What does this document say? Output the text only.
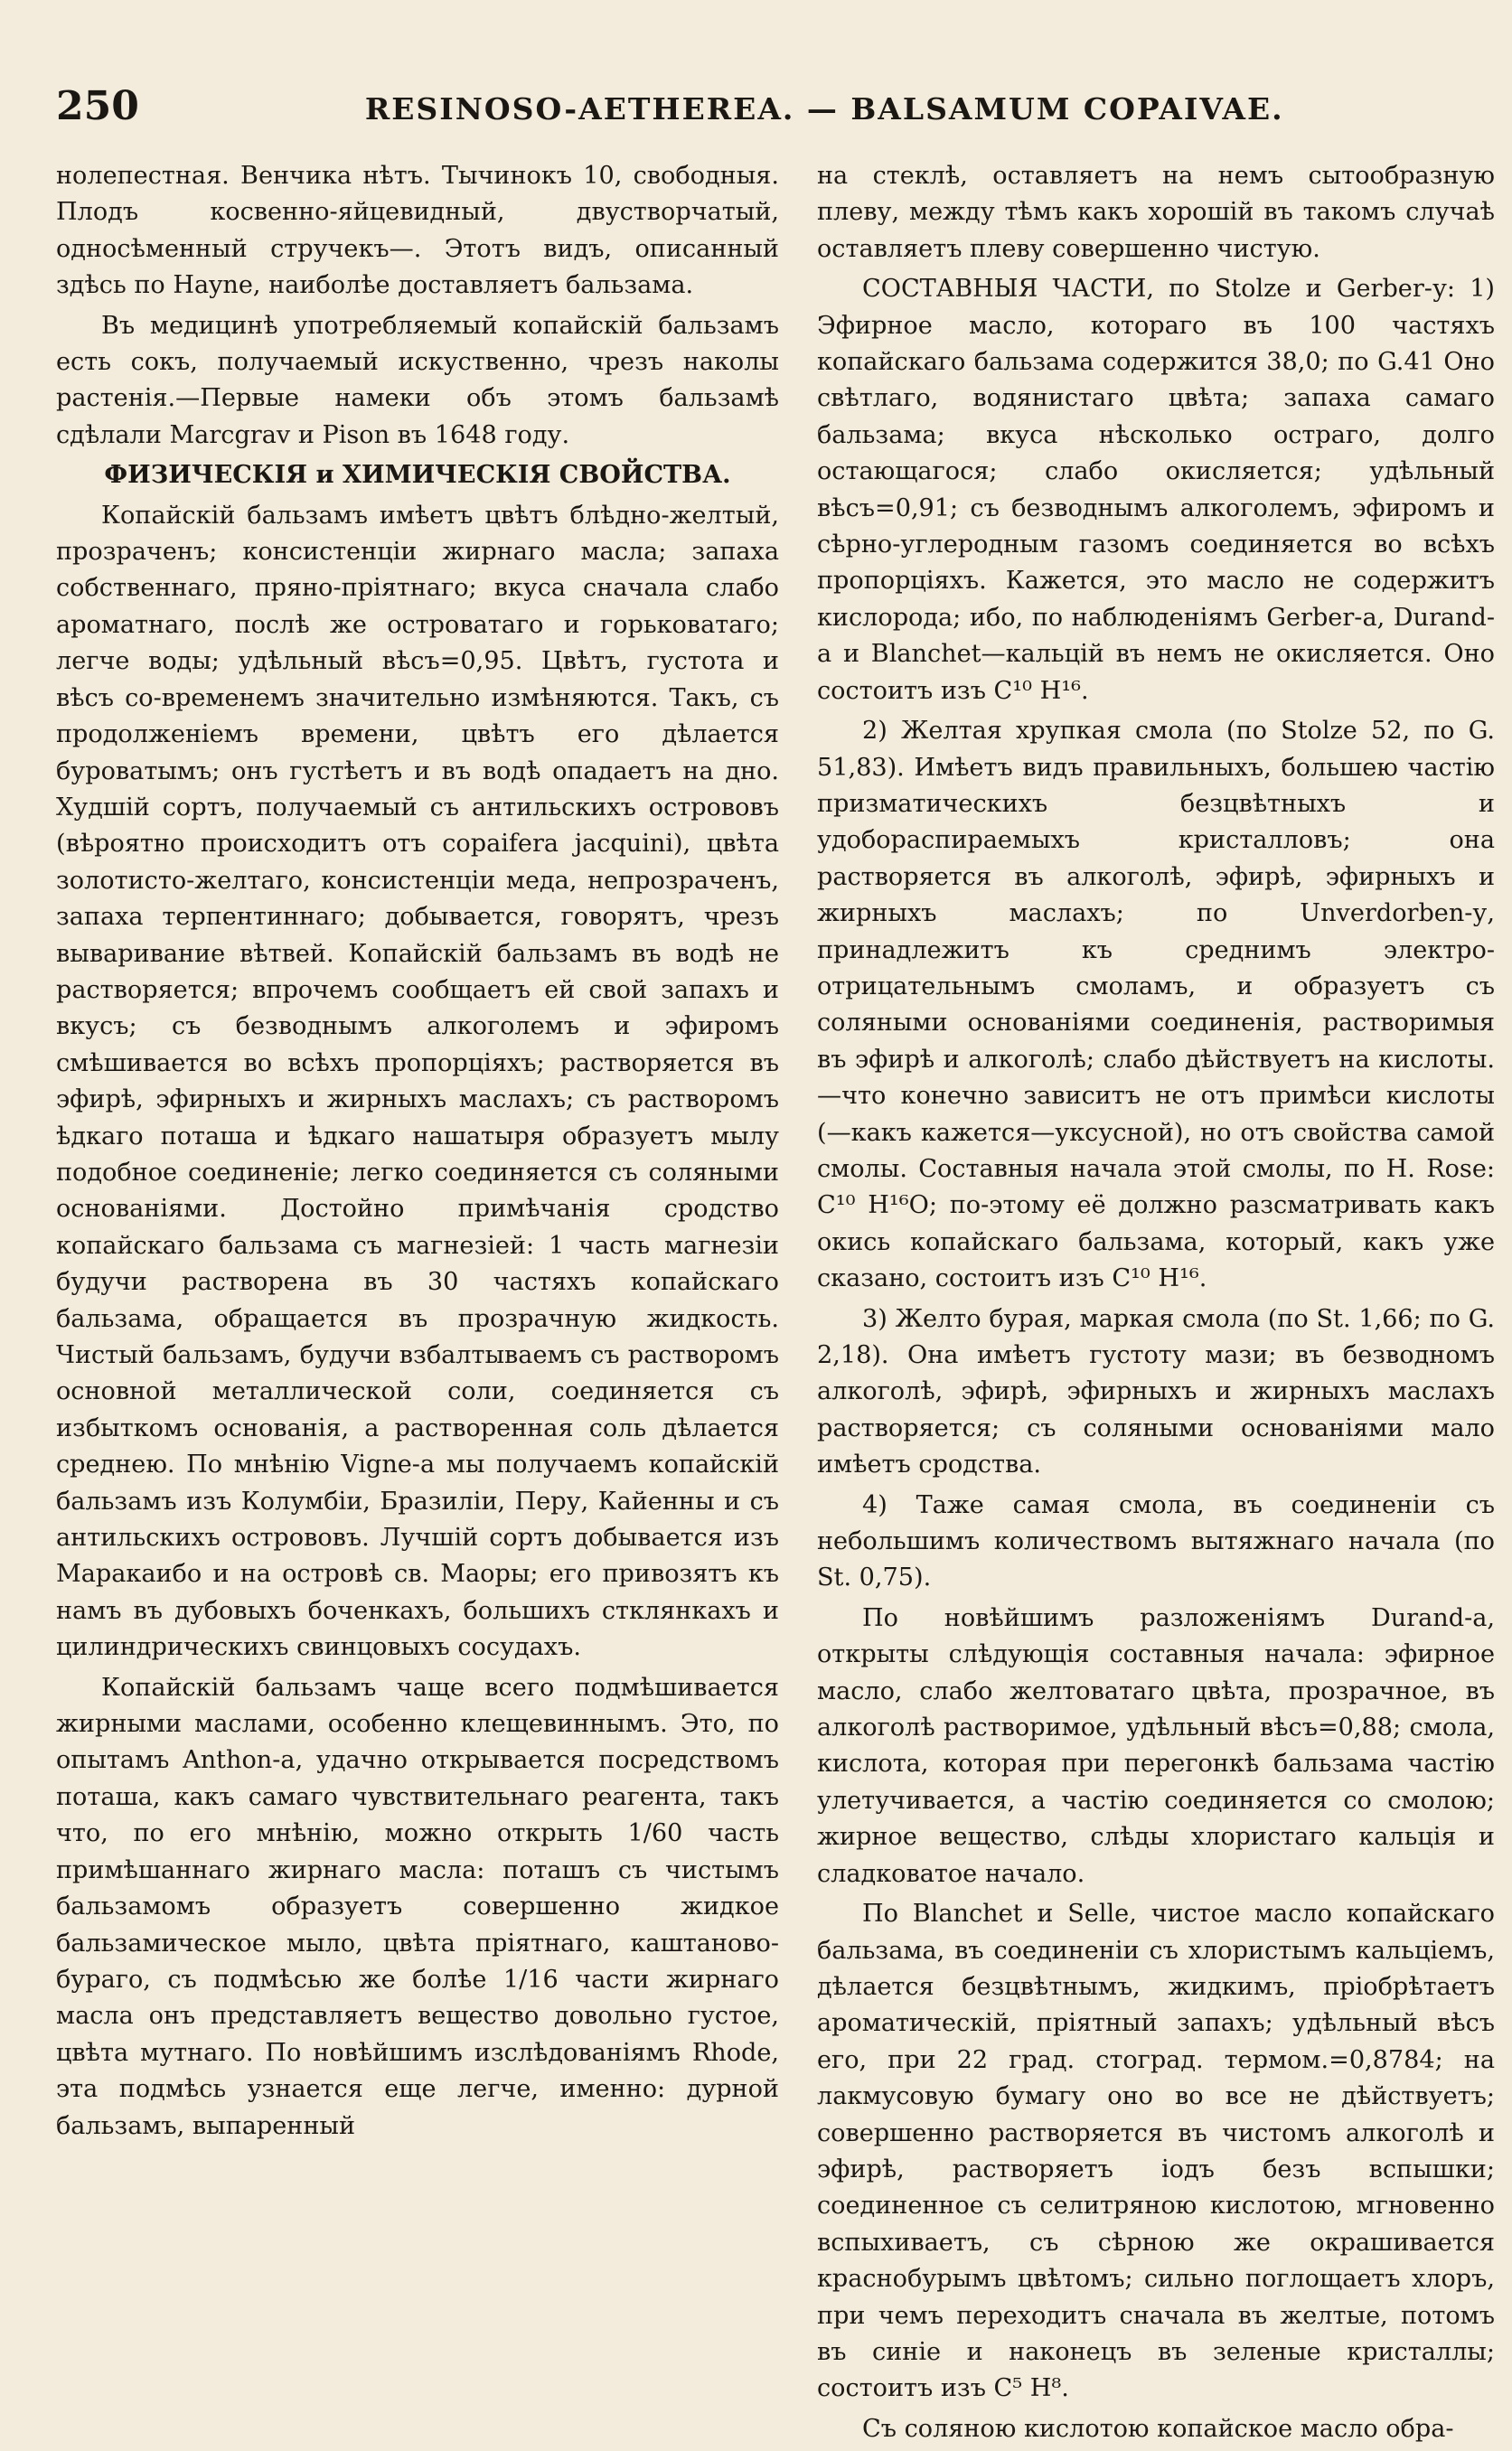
250	RESINOSO-AETHEREA. — BALSAMUM COPAIVAE.

нолепестная. Венчика нѣтъ. Тычинокъ 10, свободныя. Плодъ косвенно-яйцевидный, двустворчатый, односѣменный стручекъ—. Этотъ видъ, описанный здѣсь по Hayne, наиболѣе доставляетъ бальзама.

Въ медицинѣ употребляемый копайскій бальзамъ есть сокъ, получаемый искуственно, чрезъ наколы растенія.—Первые намеки объ этомъ бальзамѣ сдѣлали Marcgrav и Pison въ 1648 году.

ФИЗИЧЕСКІЯ и ХИМИЧЕСКІЯ СВОЙСТВА.

Копайскій бальзамъ имѣетъ цвѣтъ блѣдно-желтый, прозраченъ; консистенціи жирнаго масла; запаха собственнаго, пряно-пріятнаго; вкуса сначала слабо ароматнаго, послѣ же островатаго и горьковатаго; легче воды; удѣльный вѣсъ=0,95. Цвѣтъ, густота и вѣсъ со-временемъ значительно измѣняются. Такъ, съ продолженіемъ времени, цвѣтъ его дѣлается буроватымъ; онъ густѣетъ и въ водѣ опадаетъ на дно. Худшій сортъ, получаемый съ антильскихъ острововъ (вѣроятно происходитъ отъ copaifera jacquini), цвѣта золотисто-желтаго, консистенціи меда, непрозраченъ, запаха терпентиннаго; добывается, говорятъ, чрезъ вываривание вѣтвей. Копайскій бальзамъ въ водѣ не растворяется; впрочемъ сообщаетъ ей свой запахъ и вкусъ; съ безводнымъ алкоголемъ и эфиромъ смѣшивается во всѣхъ пропорціяхъ; растворяется въ эфирѣ, эфирныхъ и жирныхъ маслахъ; съ растворомъ ѣдкаго поташа и ѣдкаго нашатыря образуетъ мылу подобное соединеніе; легко соединяется съ соляными основаніями. Достойно примѣчанія сродство копайскаго бальзама съ магнезіей: 1 часть магнезіи будучи растворена въ 30 частяхъ копайскаго бальзама, обращается въ прозрачную жидкость. Чистый бальзамъ, будучи взбалтываемъ съ растворомъ основной металлической соли, соединяется съ избыткомъ основанія, а растворенная соль дѣлается среднею. По мнѣнію Vigne-а мы получаемъ копайскій бальзамъ изъ Колумбіи, Бразиліи, Перу, Кайенны и съ антильскихъ острововъ. Лучшій сортъ добывается изъ Маракаибо и на островѣ св. Маоры; его привозятъ къ намъ въ дубовыхъ боченкахъ, большихъ стклянкахъ и цилиндрическихъ свинцовыхъ сосудахъ.

Копайскій бальзамъ чаще всего подмѣшивается жирными маслами, особенно клещевиннымъ. Это, по опытамъ Anthon-а, удачно открывается посредствомъ поташа, какъ самаго чувствительнаго реагента, такъ что, по его мнѣнію, можно открыть 1/60 часть примѣшаннаго жирнаго масла: поташъ съ чистымъ бальзамомъ образуетъ совершенно жидкое бальзамическое мыло, цвѣта пріятнаго, каштаново-бураго, съ подмѣсью же болѣе 1/16 части жирнаго масла онъ представляетъ вещество довольно густое, цвѣта мутнаго. По новѣйшимъ изслѣдованіямъ Rhode, эта подмѣсь узнается еще легче, именно: дурной бальзамъ, выпаренный

на стеклѣ, оставляетъ на немъ сытообразную плеву, между тѣмъ какъ хорошій въ такомъ случаѣ оставляетъ плеву совершенно чистую.

СОСТАВНЫЯ ЧАСТИ, по Stolze и Gerber-у: 1) Эфирное масло, котораго въ 100 частяхъ копайскаго бальзама содержится 38,0; по G.41 Оно свѣтлаго, водянистаго цвѣта; запаха самаго бальзама; вкуса нѣсколько остраго, долго остающагося; слабо окисляется; удѣльный вѣсъ=0,91; съ безводнымъ алкоголемъ, эфиромъ и сѣрно-углеродным газомъ соединяется во всѣхъ пропорціяхъ. Кажется, это масло не содержитъ кислорода; ибо, по наблюденіямъ Gerber-а, Durand-а и Blanchet—кальцій въ немъ не окисляется. Оно состоитъ изъ C¹⁰ H¹⁶.

2) Желтая хрупкая смола (по Stolze 52, по G. 51,83). Имѣетъ видъ правильныхъ, большею частію призматическихъ безцвѣтныхъ и удобораспираемыхъ кристалловъ; она растворяется въ алкоголѣ, эфирѣ, эфирныхъ и жирныхъ маслахъ; по Unverdorben-у, принадлежитъ къ среднимъ электро-отрицательнымъ смоламъ, и образуетъ съ соляными основаніями соединенія, растворимыя въ эфирѣ и алкоголѣ; слабо дѣйствуетъ на кислоты.—что конечно зависитъ не отъ примѣси кислоты (—какъ кажется—уксусной), но отъ свойства самой смолы. Составныя начала этой смолы, по H. Rose: C¹⁰ H¹⁶O; по-этому её должно разсматривать какъ окись копайскаго бальзама, который, какъ уже сказано, состоитъ изъ C¹⁰ H¹⁶.

3) Желто бурая, маркая смола (по St. 1,66; по G. 2,18). Она имѣетъ густоту мази; въ безводномъ алкоголѣ, эфирѣ, эфирныхъ и жирныхъ маслахъ растворяется; съ соляными основаніями мало имѣетъ сродства.

4) Таже самая смола, въ соединеніи съ небольшимъ количествомъ вытяжнаго начала (по St. 0,75).

По новѣйшимъ разложеніямъ Durand-а, открыты слѣдующія составныя начала: эфирное масло, слабо желтоватаго цвѣта, прозрачное, въ алкоголѣ растворимое, удѣльный вѣсъ=0,88; смола, кислота, которая при перегонкѣ бальзама частію улетучивается, а частію соединяется со смолою; жирное вещество, слѣды хлористаго кальція и сладковатое начало.

По Blanchet и Selle, чистое масло копайскаго бальзама, въ соединеніи съ хлористымъ кальціемъ, дѣлается безцвѣтнымъ, жидкимъ, пріобрѣтаетъ ароматическій, пріятный запахъ; удѣльный вѣсъ его, при 22 град. стоград. термом.=0,8784; на лакмусовую бумагу оно во все не дѣйствуетъ; совершенно растворяется въ чистомъ алкоголѣ и эфирѣ, растворяетъ іодъ безъ вспышки; соединенное съ селитряною кислотою, мгновенно вспыхиваетъ, съ сѣрною же окрашивается краснобурымъ цвѣтомъ; сильно поглощаетъ хлоръ, при чемъ переходитъ сначала въ желтые, потомъ въ синіе и наконецъ въ зеленые кристаллы; состоитъ изъ C⁵ H⁸.

Съ соляною кислотою копайское масло обра-
